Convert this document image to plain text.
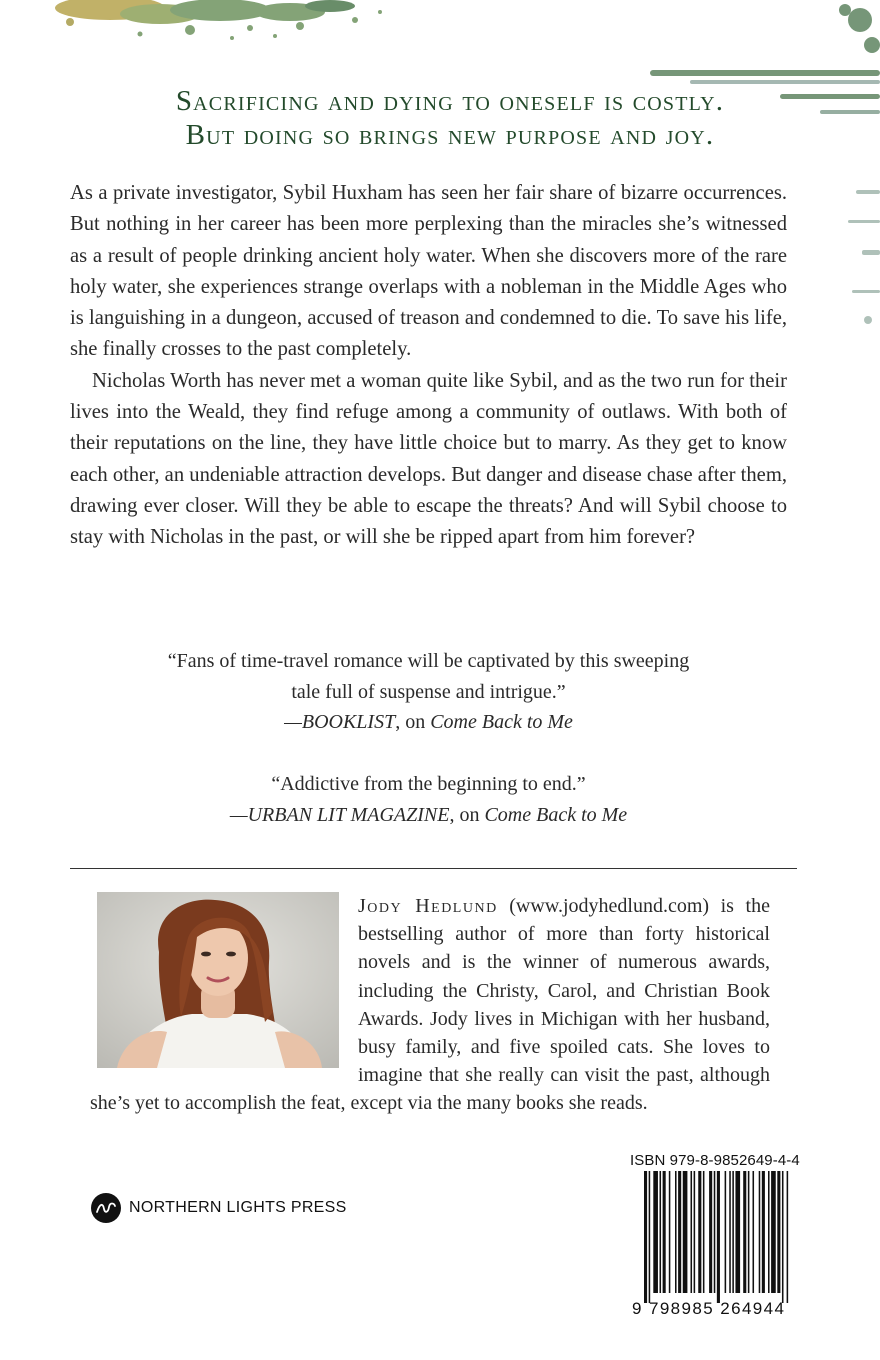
Sacrificing and dying to oneself is costly.
But doing so brings new purpose and joy.

As a private investigator, Sybil Huxham has seen her fair share of bizarre occurrences. But nothing in her career has been more perplexing than the miracles she’s witnessed as a result of people drinking ancient holy water. When she discovers more of the rare holy water, she experiences strange overlaps with a nobleman in the Middle Ages who is languishing in a dungeon, accused of treason and condemned to die. To save his life, she finally crosses to the past completely.

Nicholas Worth has never met a woman quite like Sybil, and as the two run for their lives into the Weald, they find refuge among a community of outlaws. With both of their reputations on the line, they have little choice but to marry. As they get to know each other, an undeniable attraction develops. But danger and disease chase after them, drawing ever closer. Will they be able to escape the threats? And will Sybil choose to stay with Nicholas in the past, or will she be ripped apart from him forever?

“Fans of time-travel romance will be captivated by this sweeping
tale full of suspense and intrigue.”
—BOOKLIST, on Come Back to Me
“Addictive from the beginning to end.”
—URBAN LIT MAGAZINE, on Come Back to Me
Jody Hedlund (www.jodyhedlund.com) is the bestselling author of more than forty historical novels and is the winner of numerous awards, including the Christy, Carol, and Christian Book Awards. Jody lives in Michigan with her husband, busy family, and five spoiled cats. She loves to imagine that she really can visit the past, although she’s yet to accomplish the feat, except via the many books she reads.
NORTHERN LIGHTS PRESS
ISBN 979-8-9852649-4-4
9 798985 264944
